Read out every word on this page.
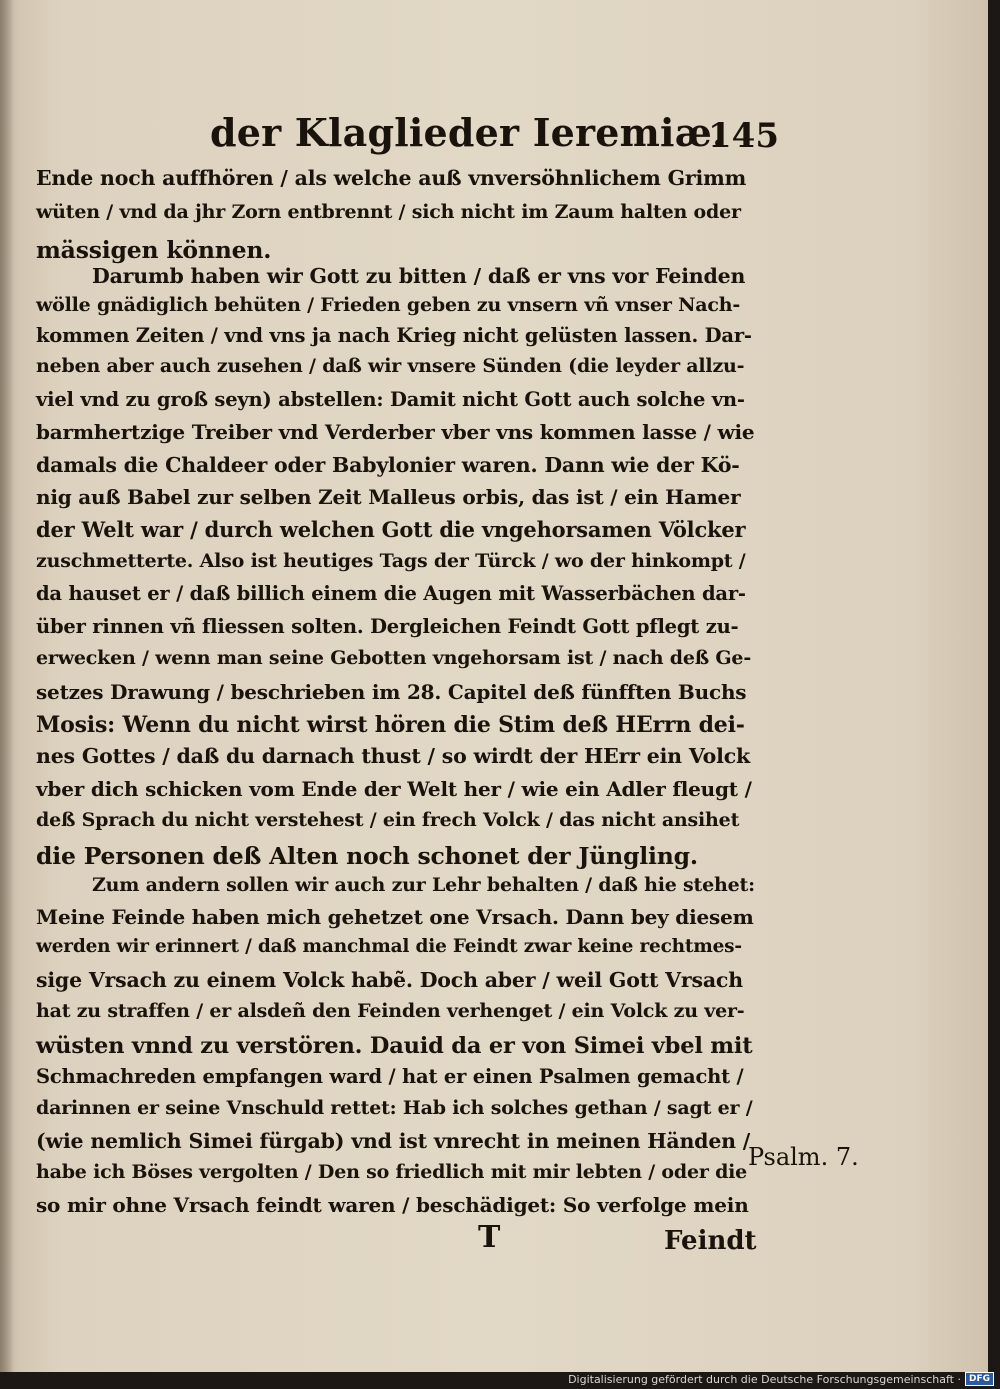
der Klaglieder Ieremiæ.
145
Ende noch auffhören / als welche auß vnversöhnlichem Grimm
wüten / vnd da jhr Zorn entbrennt / sich nicht im Zaum halten oder
mässigen können.
Darumb haben wir Gott zu bitten / daß er vns vor Feinden
wölle gnädiglich behüten / Frieden geben zu vnsern vñ vnser Nach-
kommen Zeiten / vnd vns ja nach Krieg nicht gelüsten lassen. Dar-
neben aber auch zusehen / daß wir vnsere Sünden (die leyder allzu-
viel vnd zu groß seyn) abstellen: Damit nicht Gott auch solche vn-
barmhertzige Treiber vnd Verderber vber vns kommen lasse / wie
damals die Chaldeer oder Babylonier waren. Dann wie der Kö-
nig auß Babel zur selben Zeit Malleus orbis, das ist / ein Hamer
der Welt war / durch welchen Gott die vngehorsamen Völcker
zuschmetterte. Also ist heutiges Tags der Türck / wo der hinkompt /
da hauset er / daß billich einem die Augen mit Wasserbächen dar-
über rinnen vñ fliessen solten. Dergleichen Feindt Gott pflegt zu-
erwecken / wenn man seine Gebotten vngehorsam ist / nach deß Ge-
setzes Drawung / beschrieben im 28. Capitel deß fünfften Buchs
Mosis: Wenn du nicht wirst hören die Stim deß HErrn dei-
nes Gottes / daß du darnach thust / so wirdt der HErr ein Volck
vber dich schicken vom Ende der Welt her / wie ein Adler fleugt /
deß Sprach du nicht verstehest / ein frech Volck / das nicht ansihet
die Personen deß Alten noch schonet der Jüngling.
Zum andern sollen wir auch zur Lehr behalten / daß hie stehet:
Meine Feinde haben mich gehetzet one Vrsach. Dann bey diesem
werden wir erinnert / daß manchmal die Feindt zwar keine rechtmes-
sige Vrsach zu einem Volck habẽ. Doch aber / weil Gott Vrsach
hat zu straffen / er alsdeñ den Feinden verhenget / ein Volck zu ver-
wüsten vnnd zu verstören. Dauid da er von Simei vbel mit
Schmachreden empfangen ward / hat er einen Psalmen gemacht /
darinnen er seine Vnschuld rettet: Hab ich solches gethan / sagt er /
(wie nemlich Simei fürgab) vnd ist vnrecht in meinen Händen /
habe ich Böses vergolten / Den so friedlich mit mir lebten / oder die
so mir ohne Vrsach feindt waren / beschädiget: So verfolge mein
Psalm. 7.
T	Feindt
Digitalisierung gefördert durch die Deutsche Forschungsgemeinschaft · DFG
